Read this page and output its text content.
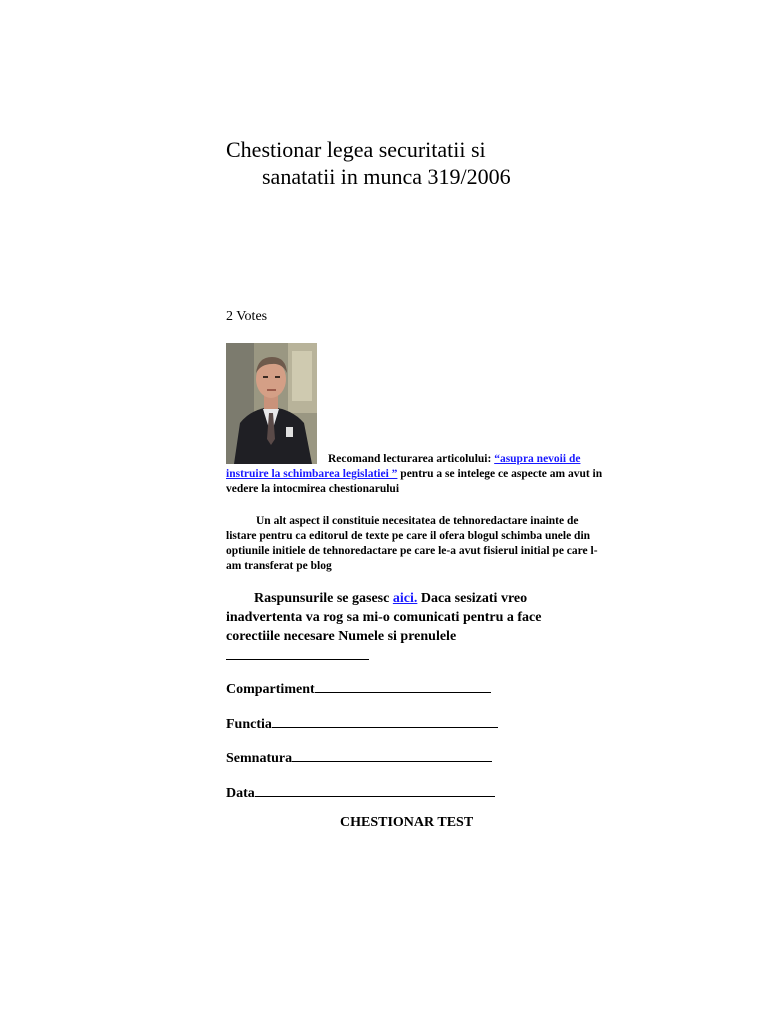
Chestionar legea securitatii si
sanatatii in munca 319/2006
2 Votes
Recomand lecturarea articolului: “asupra nevoii de instruire la schimbarea legislatiei ” pentru a se intelege ce aspecte am avut in vedere la intocmirea chestionarului

Un alt aspect il constituie necesitatea de tehnoredactare inainte de listare pentru ca editorul de texte pe care il ofera blogul schimba unele din optiunile initiele de tehnoredactare pe care le-a avut fisierul initial pe care l-am transferat pe blog

Raspunsurile se gasesc aici. Daca sesizati vreo inadvertenta va rog sa mi-o comunicati pentru a face corectiile necesare Numele si prenulele

Compartiment
Functia
Semnatura
Data
CHESTIONAR TEST
